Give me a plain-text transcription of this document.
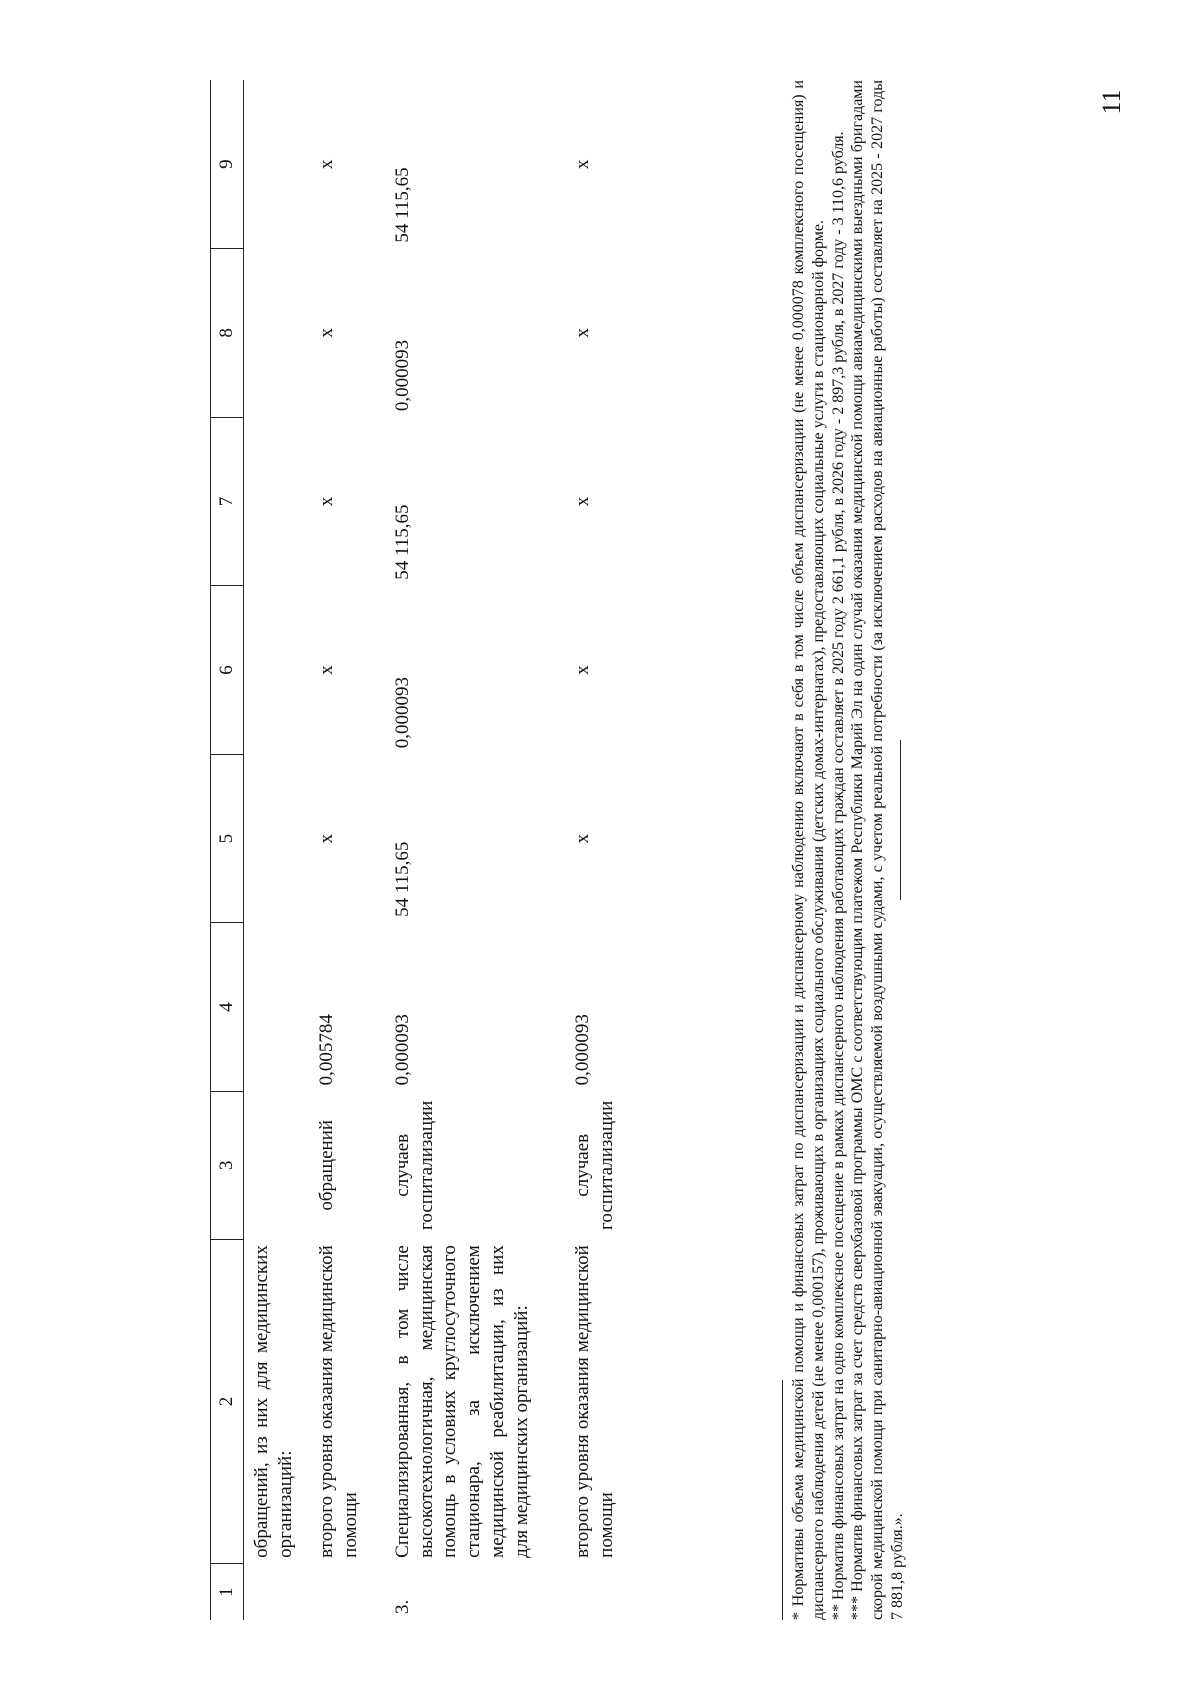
11
1	2	3	4	5	6	7	8	9
	обращений, из них для медицинских организаций:							
	второго уровня оказания медицинской помощи	обращений	0,005784	х	х	х	х	х
3.	Специализированная, в том числе высокотехнологичная, медицинская помощь в условиях круглосуточного стационара, за исключением медицинской реабилитации, из них для медицинских организаций:	случаев госпитализации	0,000093	54 115,65	0,000093	54 115,65	0,000093	54 115,65
	второго уровня оказания медицинской помощи	случаев госпитализации	0,000093	х	х	х	х	х	* Нормативы объема медицинской помощи и финансовых затрат по диспансеризации и диспансерному наблюдению включают в себя в том числе объем диспансеризации (не менее 0,000078 комплексного посещения) и диспансерного наблюдения детей (не менее 0,000157), проживающих в организациях социального обслуживания (детских домах-интернатах), предоставляющих социальные услуги в стационарной форме. ** Норматив финансовых затрат на одно комплексное посещение в рамках диспансерного наблюдения работающих граждан составляет в 2025 году 2 661,1 рубля, в 2026 году - 2 897,3 рубля, в 2027 году - 3 110,6 рубля. *** Норматив финансовых затрат за счет средств сверхбазовой программы ОМС с соответствующим платежом Республики Марий Эл на один случай оказания медицинской помощи авиамедицинскими выездными бригадами скорой медицинской помощи при санитарно-авиационной эвакуации, осуществляемой воздушными судами, с учетом реальной потребности (за исключением расходов на авиационные работы) составляет на 2025 - 2027 годы 7 881,8 рубля.».
